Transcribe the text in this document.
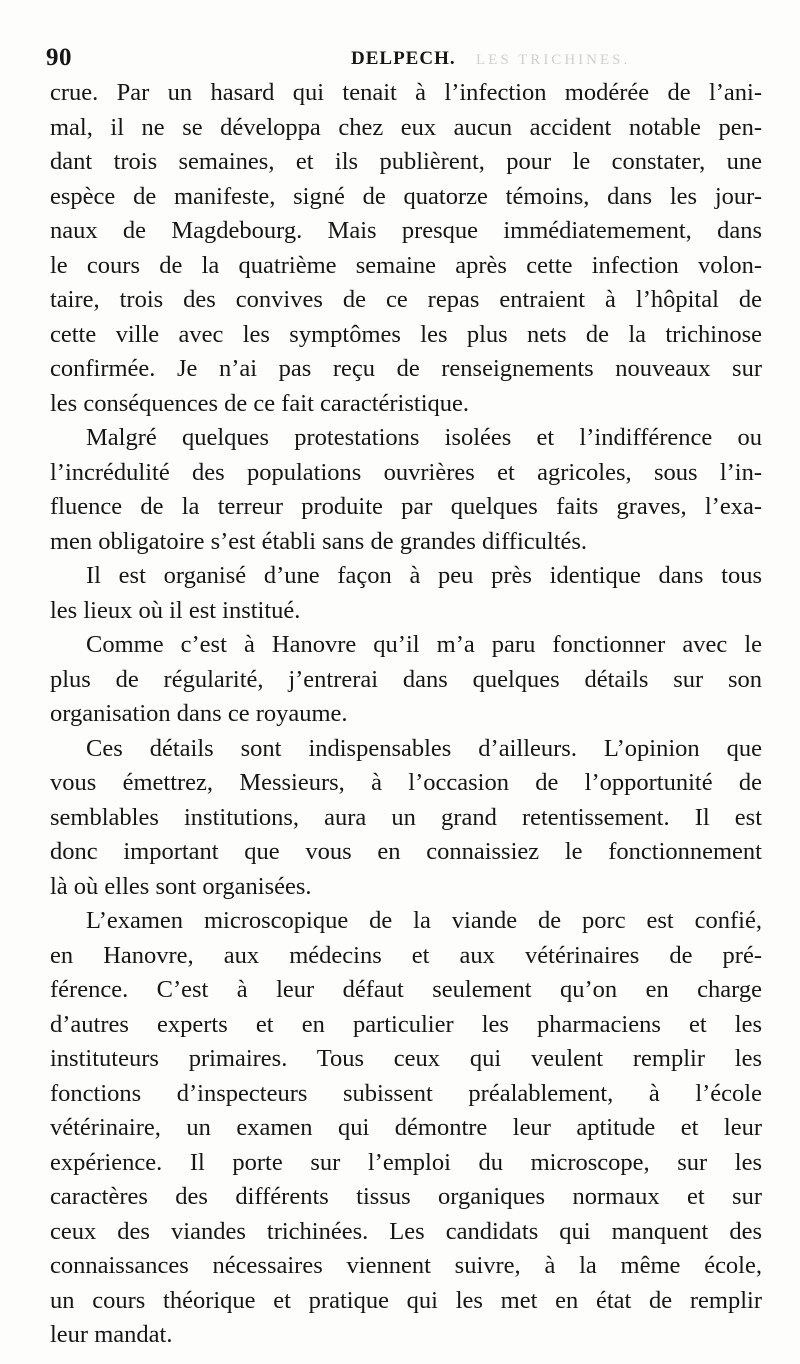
90	DELPECH. LES TRICHINES.
crue. Par un hasard qui tenait à l’infection modérée de l’ani-
mal, il ne se développa chez eux aucun accident notable pen-
dant trois semaines, et ils publièrent, pour le constater, une
espèce de manifeste, signé de quatorze témoins, dans les jour-
naux de Magdebourg. Mais presque immédiatemement, dans
le cours de la quatrième semaine après cette infection volon-
taire, trois des convives de ce repas entraient à l’hôpital de
cette ville avec les symptômes les plus nets de la trichinose
confirmée. Je n’ai pas reçu de renseignements nouveaux sur
les conséquences de ce fait caractéristique.
Malgré quelques protestations isolées et l’indifférence ou
l’incrédulité des populations ouvrières et agricoles, sous l’in-
fluence de la terreur produite par quelques faits graves, l’exa-
men obligatoire s’est établi sans de grandes difficultés.
Il est organisé d’une façon à peu près identique dans tous
les lieux où il est institué.
Comme c’est à Hanovre qu’il m’a paru fonctionner avec le
plus de régularité, j’entrerai dans quelques détails sur son
organisation dans ce royaume.
Ces détails sont indispensables d’ailleurs. L’opinion que
vous émettrez, Messieurs, à l’occasion de l’opportunité de
semblables institutions, aura un grand retentissement. Il est
donc important que vous en connaissiez le fonctionnement
là où elles sont organisées.
L’examen microscopique de la viande de porc est confié,
en Hanovre, aux médecins et aux vétérinaires de pré-
férence. C’est à leur défaut seulement qu’on en charge
d’autres experts et en particulier les pharmaciens et les
instituteurs primaires. Tous ceux qui veulent remplir les
fonctions d’inspecteurs subissent préalablement, à l’école
vétérinaire, un examen qui démontre leur aptitude et leur
expérience. Il porte sur l’emploi du microscope, sur les
caractères des différents tissus organiques normaux et sur
ceux des viandes trichinées. Les candidats qui manquent des
connaissances nécessaires viennent suivre, à la même école,
un cours théorique et pratique qui les met en état de remplir
leur mandat.
